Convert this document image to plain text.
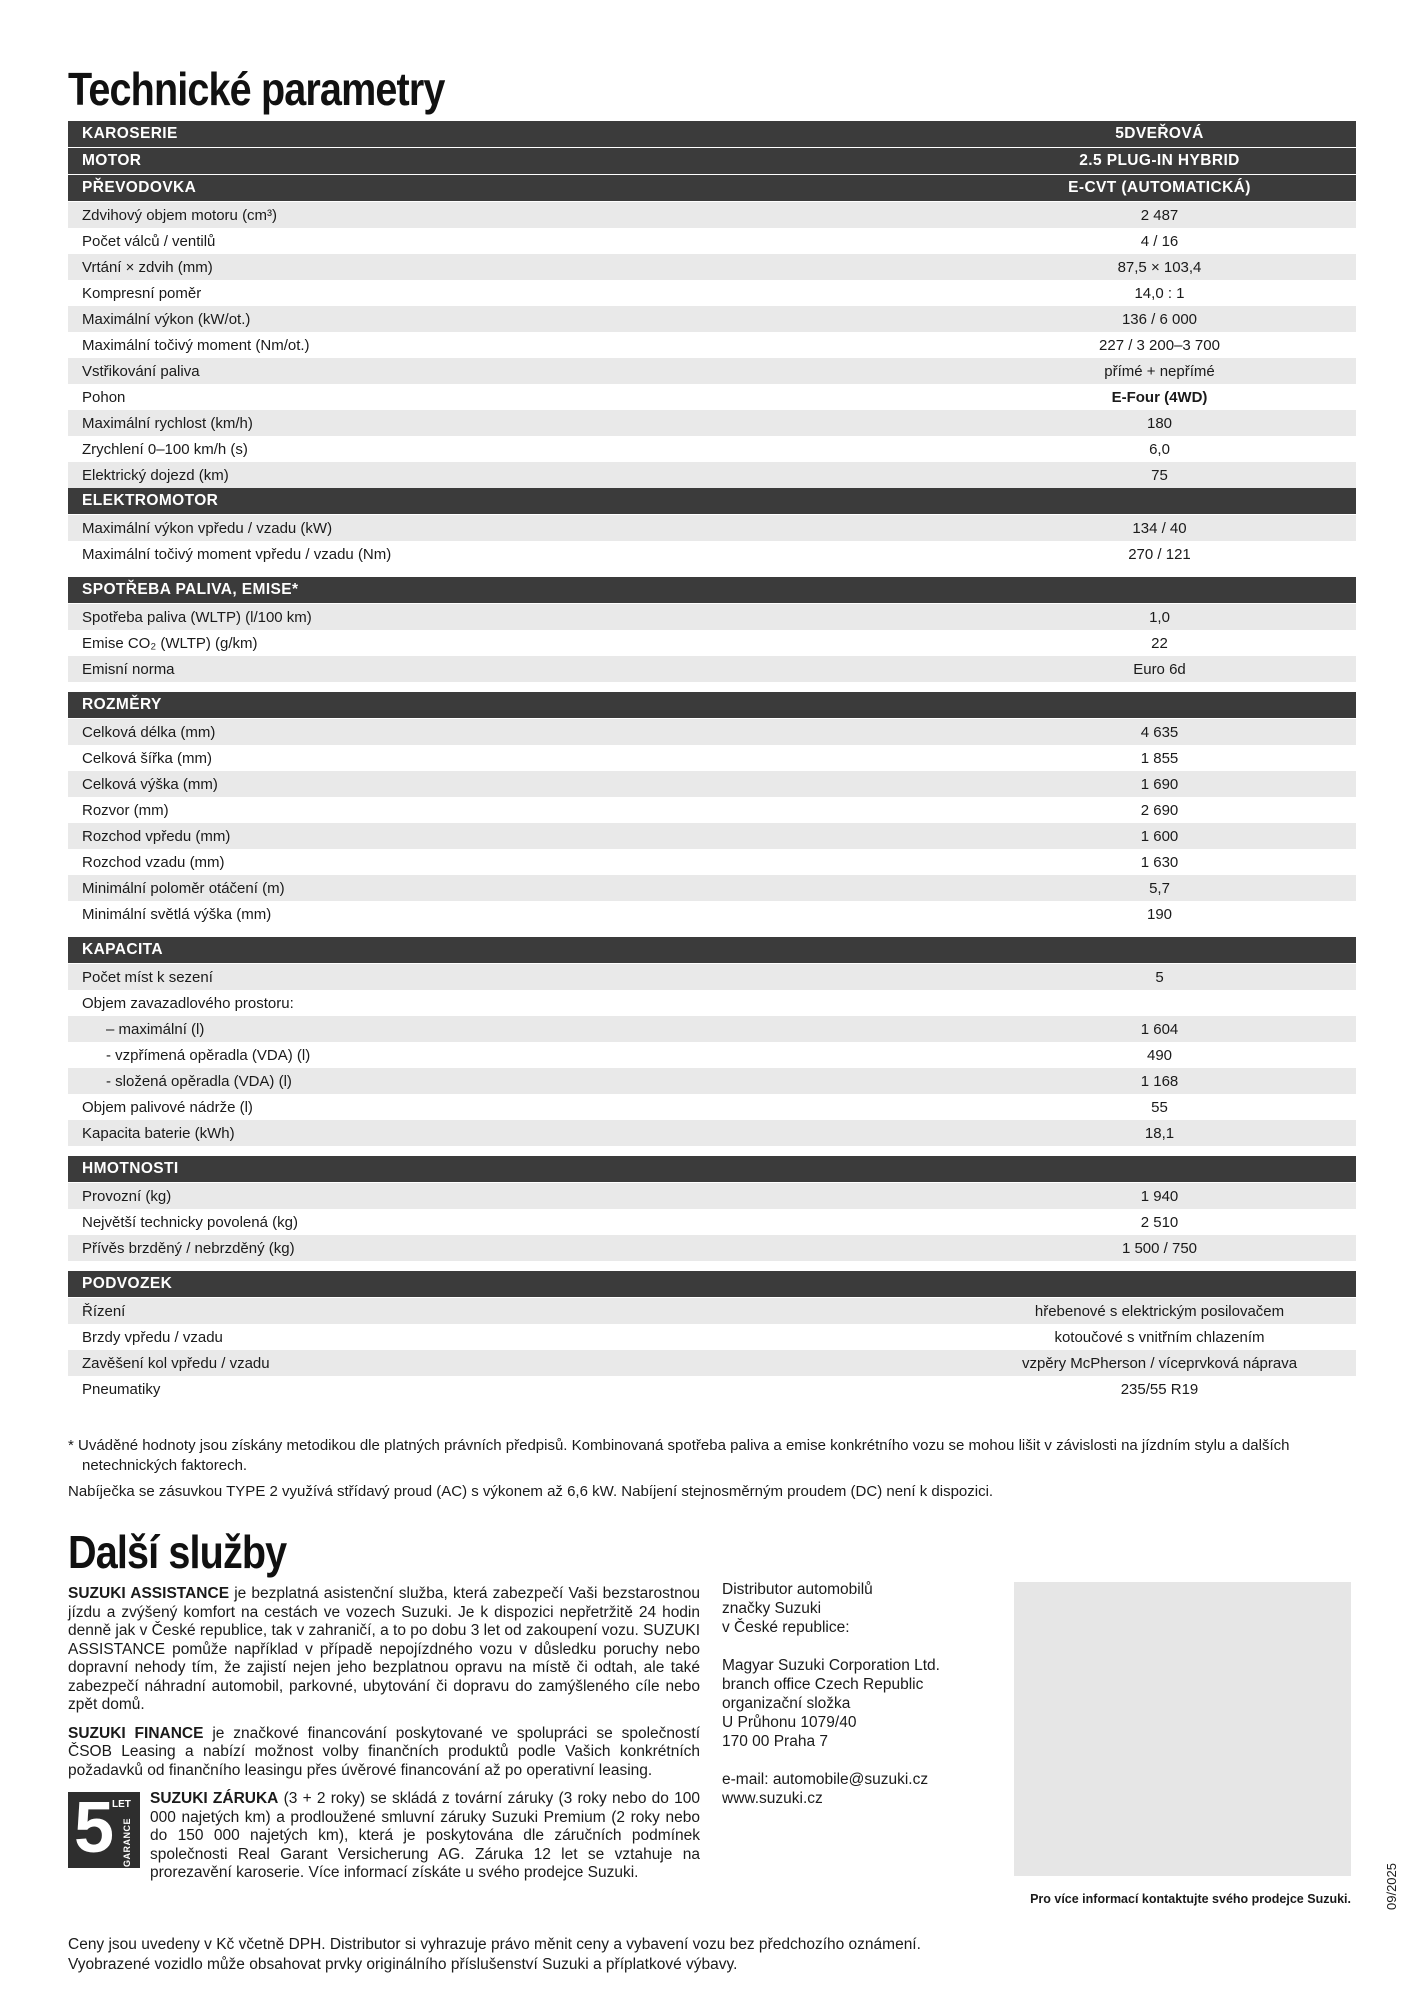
Technické parametry
KAROSERIE	5DVEŘOVÁ
MOTOR	2.5 PLUG-IN HYBRID
PŘEVODOVKA	E-CVT (AUTOMATICKÁ)
Zdvihový objem motoru (cm³)	2 487
Počet válců / ventilů	4 / 16
Vrtání × zdvih (mm)	87,5 × 103,4
Kompresní poměr	14,0 : 1
Maximální výkon (kW/ot.)	136 / 6 000
Maximální točivý moment (Nm/ot.)	227 / 3 200–3 700
Vstřikování paliva	přímé + nepřímé
Pohon	E-Four (4WD)
Maximální rychlost (km/h)	180
Zrychlení 0–100 km/h (s)	6,0
Elektrický dojezd (km)	75
ELEKTROMOTOR
Maximální výkon vpředu / vzadu (kW)	134 / 40
Maximální točivý moment vpředu / vzadu (Nm)	270 / 121
SPOTŘEBA PALIVA, EMISE*
Spotřeba paliva (WLTP) (l/100 km)	1,0
Emise CO₂ (WLTP) (g/km)	22
Emisní norma	Euro 6d
ROZMĚRY
Celková délka (mm)	4 635
Celková šířka (mm)	1 855
Celková výška (mm)	1 690
Rozvor (mm)	2 690
Rozchod vpředu (mm)	1 600
Rozchod vzadu (mm)	1 630
Minimální poloměr otáčení (m)	5,7
Minimální světlá výška (mm)	190
KAPACITA
Počet míst k sezení	5
Objem zavazadlového prostoru:
– maximální (l)	1 604
- vzpřímená opěradla (VDA) (l)	490
- složená opěradla (VDA) (l)	1 168
Objem palivové nádrže (l)	55
Kapacita baterie (kWh)	18,1
HMOTNOSTI
Provozní (kg)	1 940
Největší technicky povolená (kg)	2 510
Přívěs brzděný / nebrzděný (kg)	1 500 / 750
PODVOZEK
Řízení	hřebenové s elektrickým posilovačem
Brzdy vpředu / vzadu	kotoučové s vnitřním chlazením
Zavěšení kol vpředu / vzadu	vzpěry McPherson / víceprvková náprava
Pneumatiky	235/55 R19

* Uváděné hodnoty jsou získány metodikou dle platných právních předpisů. Kombinovaná spotřeba paliva a emise konkrétního vozu se mohou lišit v závislosti na jízdním stylu a dalších netechnických faktorech.

Nabíječka se zásuvkou TYPE 2 využívá střídavý proud (AC) s výkonem až 6,6 kW. Nabíjení stejnosměrným proudem (DC) není k dispozici.

Další služby

SUZUKI ASSISTANCE je bezplatná asistenční služba, která zabezpečí Vaši bezstarostnou jízdu a zvýšený komfort na cestách ve vozech Suzuki. Je k dispozici nepřetržitě 24 hodin denně jak v České republice, tak v zahraničí, a to po dobu 3 let od zakoupení vozu. SUZUKI ASSISTANCE pomůže například v případě nepojízdného vozu v důsledku poruchy nebo dopravní nehody tím, že zajistí nejen jeho bezplatnou opravu na místě či odtah, ale také zabezpečí náhradní automobil, parkovné, ubytování či dopravu do zamýšleného cíle nebo zpět domů.

SUZUKI FINANCE je značkové financování poskytované ve spolupráci se společností ČSOB Leasing a nabízí možnost volby finančních produktů podle Vašich konkrétních požadavků od finančního leasingu přes úvěrové financování až po operativní leasing.

5
LET
GARANCE
SUZUKI ZÁRUKA (3 + 2 roky) se skládá z tovární záruky (3 roky nebo do 100 000 najetých km) a prodloužené smluvní záruky Suzuki Premium (2 roky nebo do 150 000 najetých km), která je poskytována dle záručních podmínek společnosti Real Garant Versicherung AG. Záruka 12 let se vztahuje na prorezavění karoserie. Více informací získáte u svého prodejce Suzuki.
Distributor automobilů
značky Suzuki
v České republice:
Magyar Suzuki Corporation Ltd.
branch office Czech Republic
organizační složka
U Průhonu 1079/40
170 00 Praha 7
e-mail: automobile@suzuki.cz
www.suzuki.cz
Pro více informací kontaktujte svého prodejce Suzuki.	09/2025
Ceny jsou uvedeny v Kč včetně DPH. Distributor si vyhrazuje právo měnit ceny a vybavení vozu bez předchozího oznámení.
Vyobrazené vozidlo může obsahovat prvky originálního příslušenství Suzuki a příplatkové výbavy.
